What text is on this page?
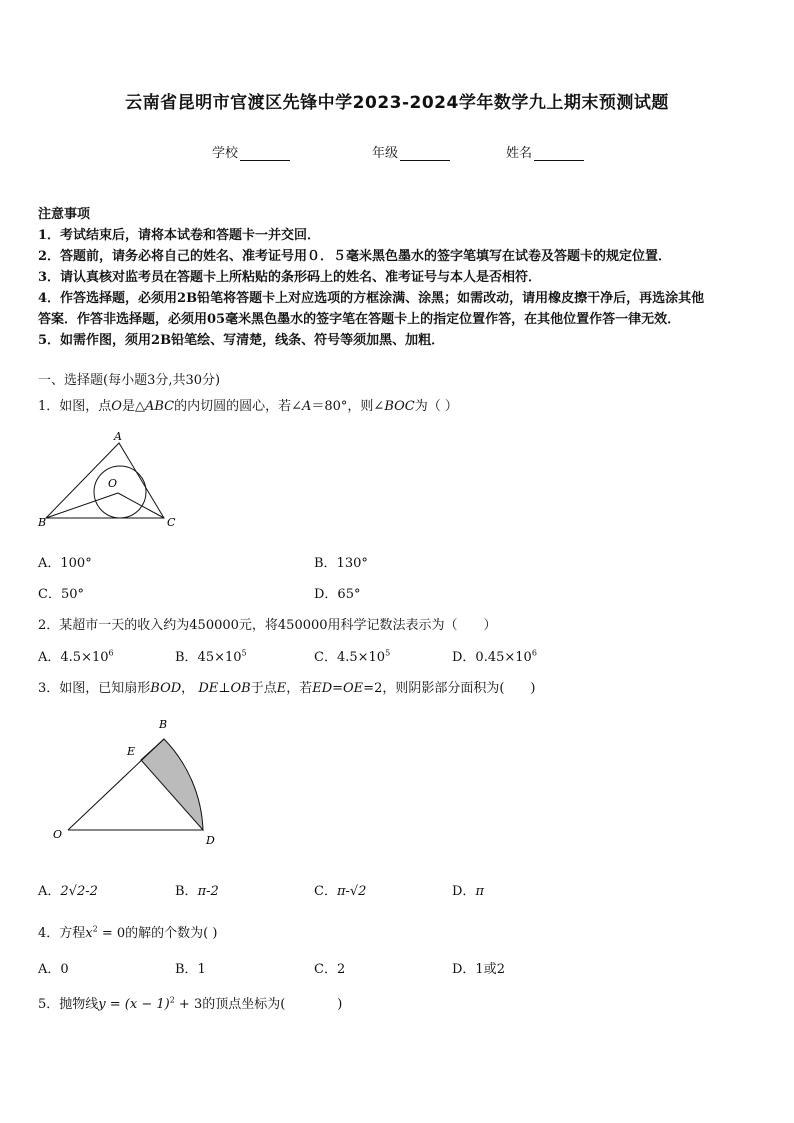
云南省昆明市官渡区先锋中学2023-2024学年数学九上期末预测试题
学校	年级	姓名
注意事项
1．考试结束后，请将本试卷和答题卡一并交回．
2．答题前，请务必将自己的姓名、准考证号用０．５毫米黑色墨水的签字笔填写在试卷及答题卡的规定位置．
3．请认真核对监考员在答题卡上所粘贴的条形码上的姓名、准考证号与本人是否相符．
4．作答选择题，必须用2B铅笔将答题卡上对应选项的方框涂满、涂黑；如需改动，请用橡皮擦干净后，再选涂其他
答案．作答非选择题，必须用05毫米黑色墨水的签字笔在答题卡上的指定位置作答，在其他位置作答一律无效．
5．如需作图，须用2B铅笔绘、写清楚，线条、符号等须加黑、加粗．
一、选择题(每小题3分,共30分)
1．如图，点O是△ABC的内切圆的圆心，若∠A＝80°，则∠BOC为（ ）
A
B	C
O
A．100°	B．130°
C．50°	D．65°
2．某超市一天的收入约为450000元，将450000用科学记数法表示为（　　）
A．$4.5\times 10^6$	B．$45\times 10^5$	C．$4.5\times 10^5$	D．$0.45\times 10^6$
3．如图，已知扇形BOD， DE⊥OB于点E，若ED=OE=2，则阴影部分面积为(　　)
B
E
O	D
A．2√2-2	B．π-2	C．π-√2	D．π
4．方程$x^2 = 0$的解的个数为( )
A．0	B．1	C．2	D．1或2
5．抛物线$y = (x - 1)^2 + 3$的顶点坐标为(　　　　)
